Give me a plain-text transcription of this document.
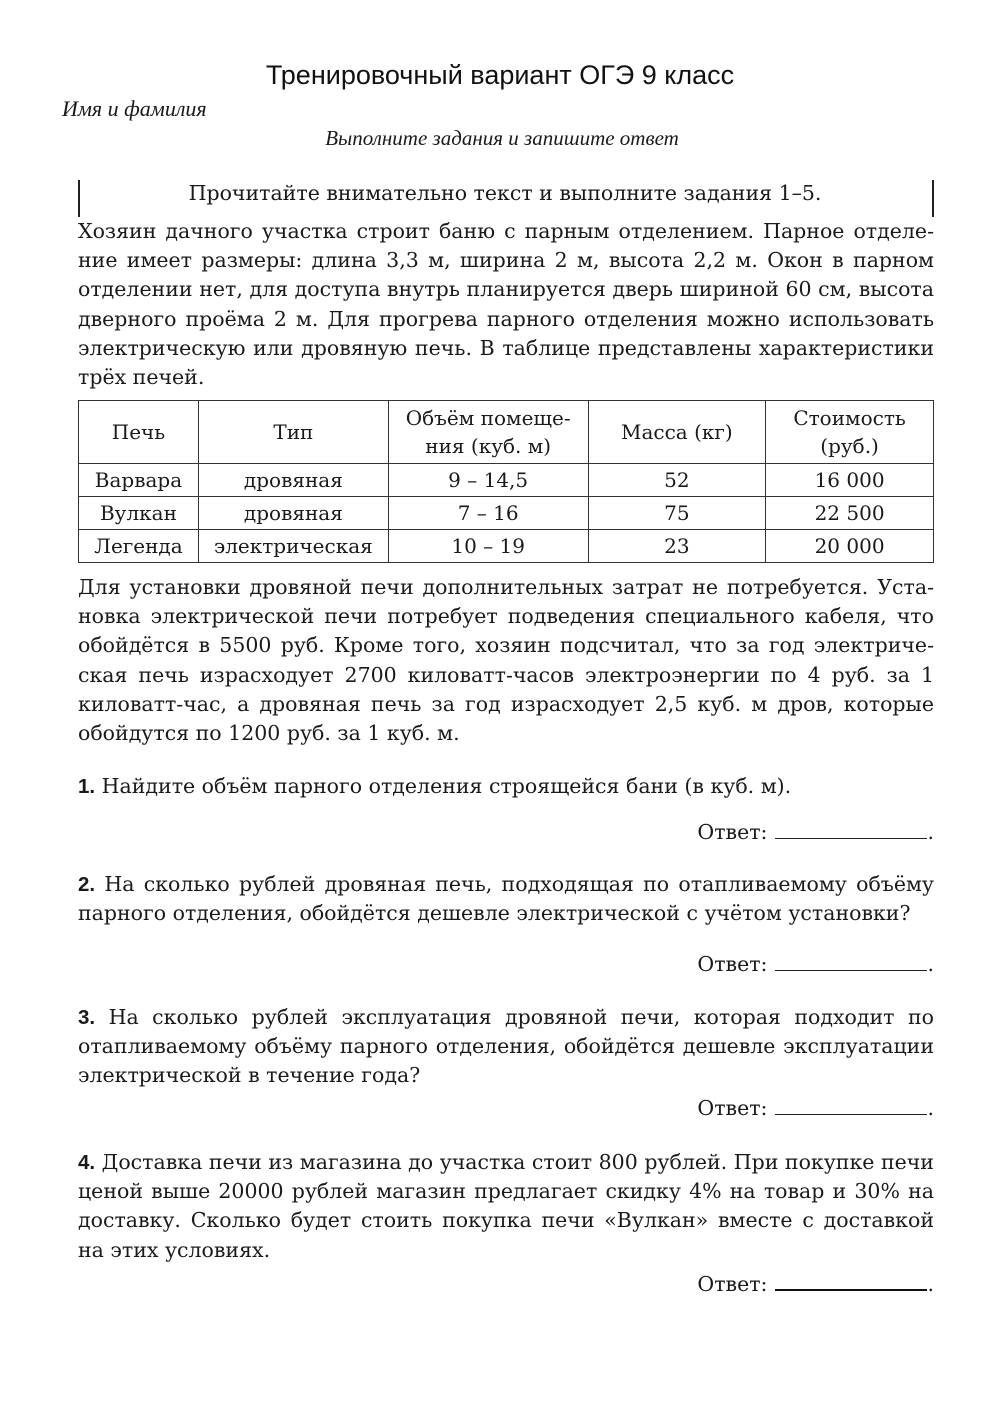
Тренировочный вариант ОГЭ 9 класс
Имя и фамилия
Выполните задания и запишите ответ
Прочитайте внимательно текст и выполните задания 1–5.
Хозяин дачного участка строит баню с парным отделением. Парное отделение имеет размеры: длина 3,3 м, ширина 2 м, высота 2,2 м. Окон в парном отделении нет, для доступа внутрь планируется дверь шириной 60 см, высота дверного проёма 2 м. Для прогрева парного отделения можно использовать электрическую или дровяную печь. В таблице представлены характеристики трёх печей.
Печь	Тип	Объём помещения (куб. м)	Масса (кг)	Стоимость (руб.)
Варвара	дровяная	9 – 14,5	52	16 000
Вулкан	дровяная	7 – 16	75	22 500
Легенда	электрическая	10 – 19	23	20 000
Для установки дровяной печи дополнительных затрат не потребуется. Установка электрической печи потребует подведения специального кабеля, что обойдётся в 5500 руб. Кроме того, хозяин подсчитал, что за год электрическая печь израсходует 2700 киловатт-часов электроэнергии по 4 руб. за 1 киловатт-час, а дровяная печь за год израсходует 2,5 куб. м дров, которые обойдутся по 1200 руб. за 1 куб. м.
1. Найдите объём парного отделения строящейся бани (в куб. м).
Ответ:	.
2. На сколько рублей дровяная печь, подходящая по отапливаемому объёму парного отделения, обойдётся дешевле электрической с учётом установки?
Ответ:	.
3. На сколько рублей эксплуатация дровяной печи, которая подходит по отапливаемому объёму парного отделения, обойдётся дешевле эксплуатации электрической в течение года?
Ответ:	.
4. Доставка печи из магазина до участка стоит 800 рублей. При покупке печи ценой выше 20000 рублей магазин предлагает скидку 4% на товар и 30% на доставку. Сколько будет стоить покупка печи «Вулкан» вместе с доставкой на этих условиях.
Ответ:	.
